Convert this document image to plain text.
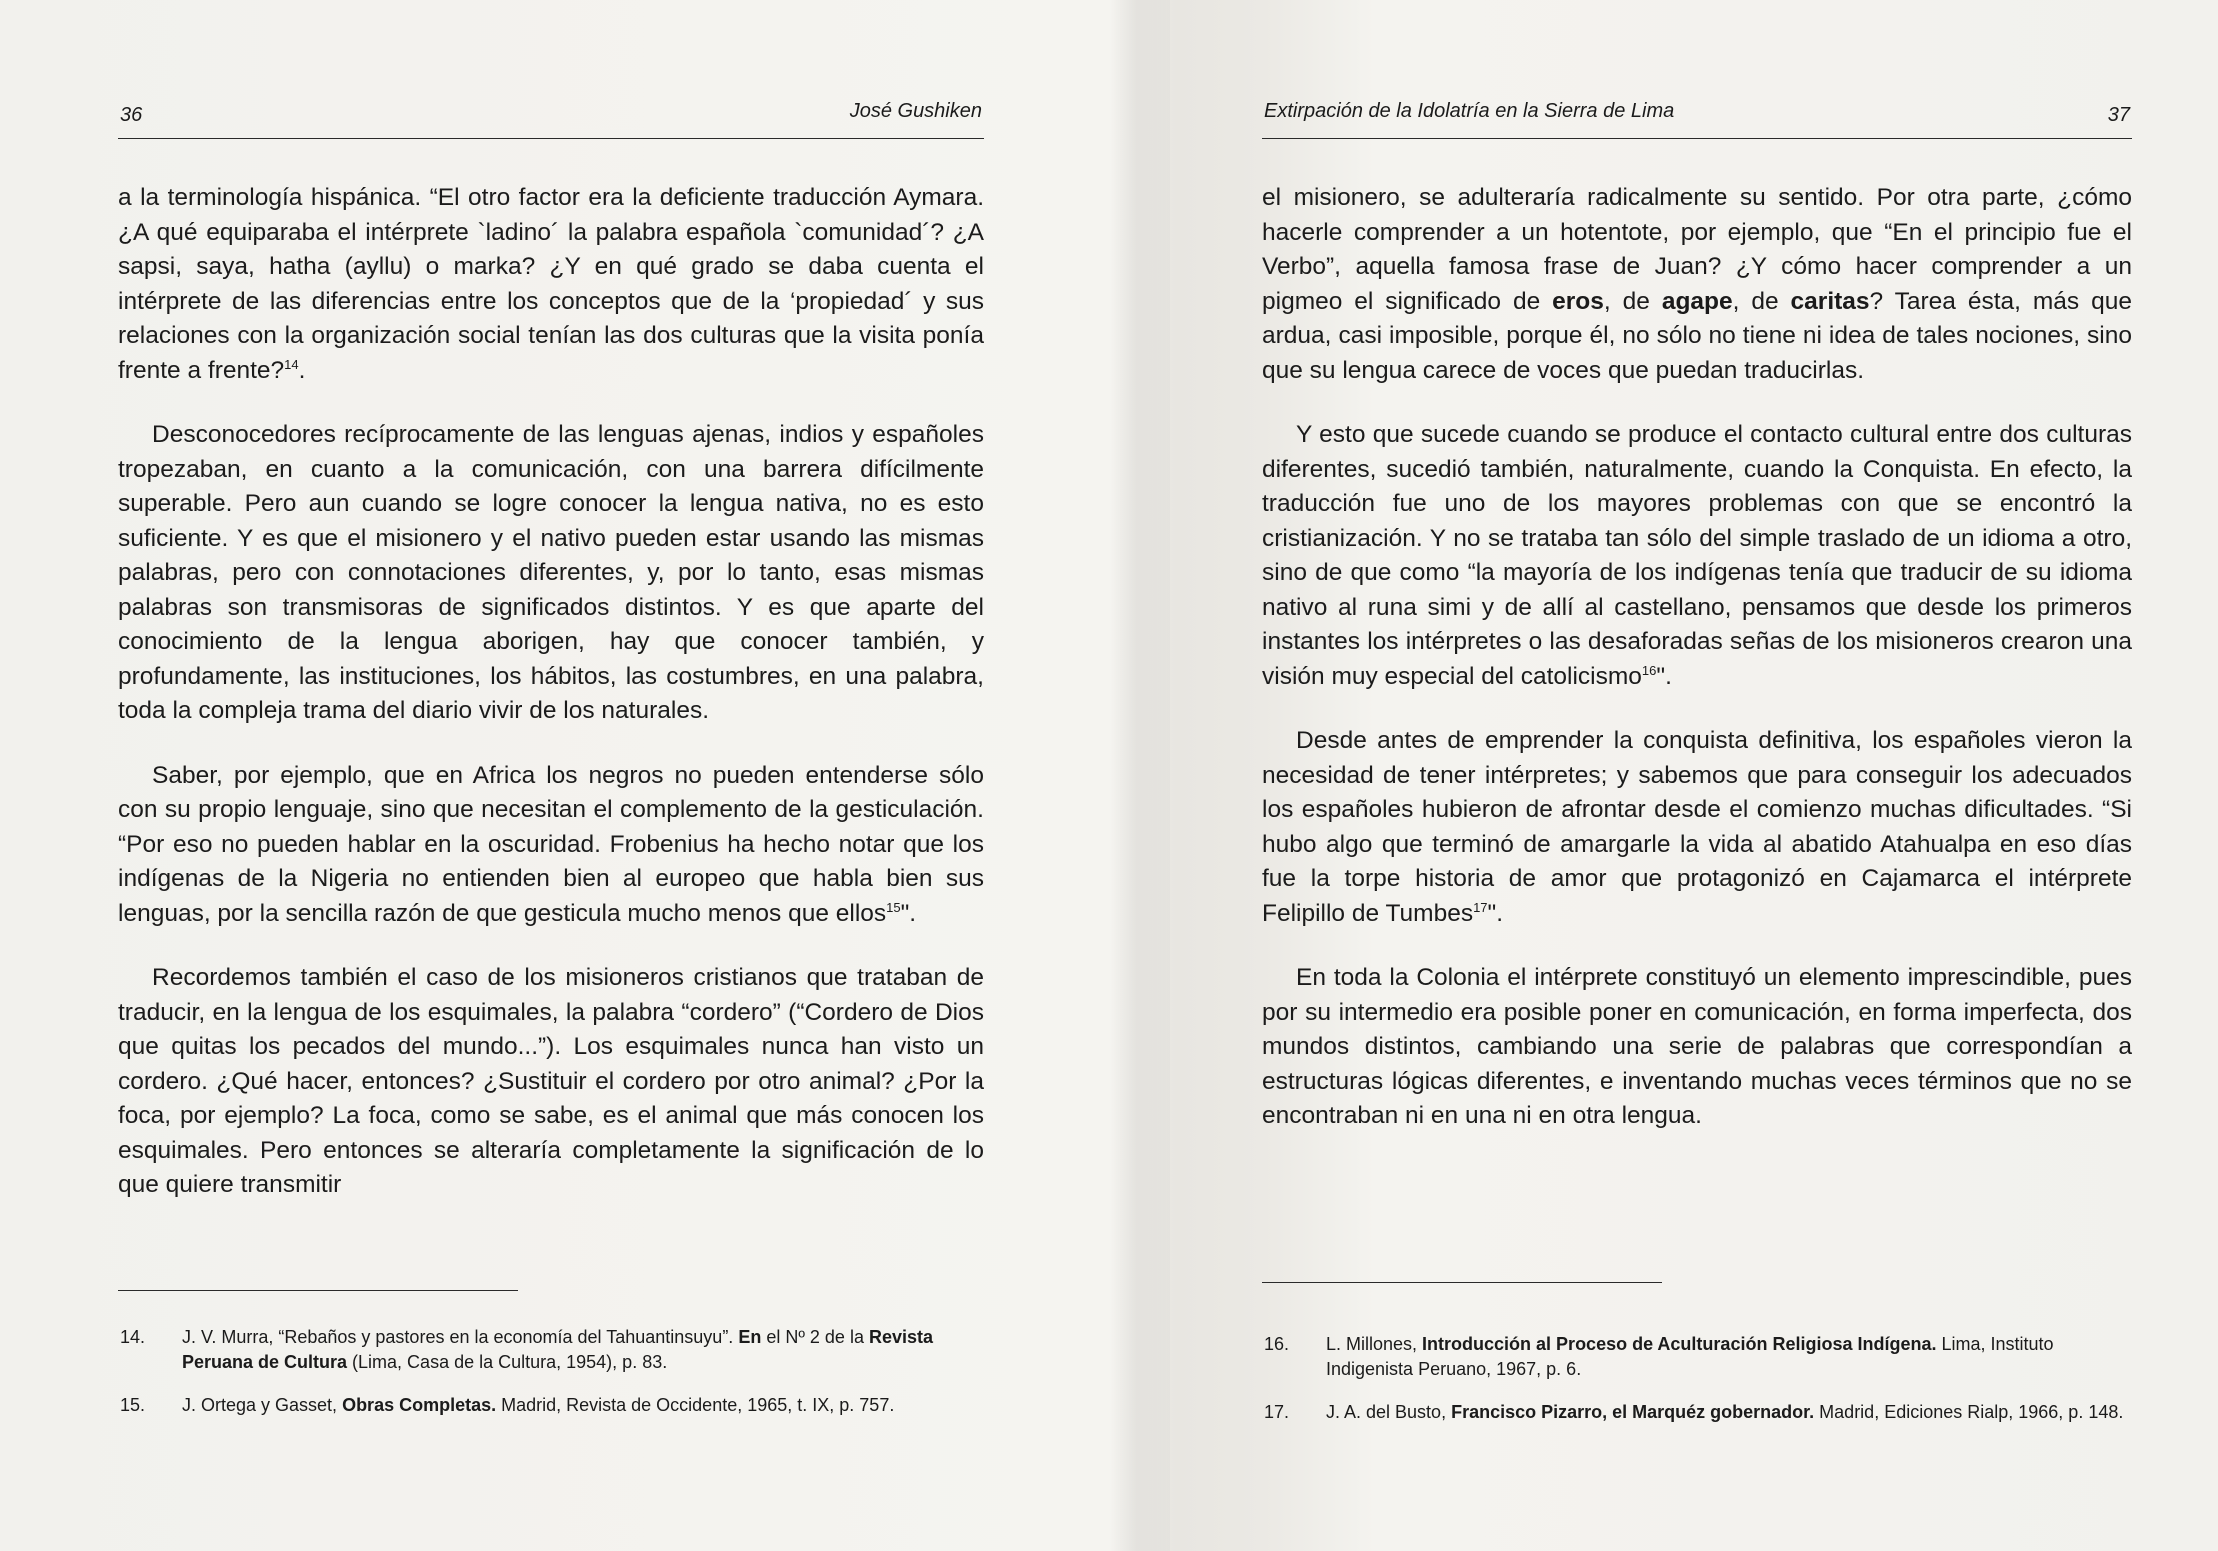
36	José Gushiken

a la terminología hispánica. “El otro factor era la deficiente traducción Aymara. ¿A qué equiparaba el intérprete `ladino´ la palabra española `comunidad´? ¿A sapsi, saya, hatha (ayllu) o marka? ¿Y en qué grado se daba cuenta el intérprete de las diferencias entre los conceptos que de la ‘propiedad´ y sus relaciones con la organización social tenían las dos culturas que la visita ponía frente a frente?$^{14}$.

Desconocedores recíprocamente de las lenguas ajenas, indios y españoles tropezaban, en cuanto a la comunicación, con una barrera difícilmente superable. Pero aun cuando se logre conocer la lengua nativa, no es esto suficiente. Y es que el misionero y el nativo pueden estar usando las mismas palabras, pero con connotaciones diferentes, y, por lo tanto, esas mismas palabras son transmisoras de significados distintos. Y es que aparte del conocimiento de la lengua aborigen, hay que conocer también, y profundamente, las instituciones, los hábitos, las costumbres, en una palabra, toda la compleja trama del diario vivir de los naturales.

Saber, por ejemplo, que en Africa los negros no pueden entenderse sólo con su propio lenguaje, sino que necesitan el complemento de la gesticulación. “Por eso no pueden hablar en la oscuridad. Frobenius ha hecho notar que los indígenas de la Nigeria no entienden bien al europeo que habla bien sus lenguas, por la sencilla razón de que gesticula mucho menos que ellos$^{15}$".

Recordemos también el caso de los misioneros cristianos que trataban de traducir, en la lengua de los esquimales, la palabra “cordero” (“Cordero de Dios que quitas los pecados del mundo...”). Los esquimales nunca han visto un cordero. ¿Qué hacer, entonces? ¿Sustituir el cordero por otro animal? ¿Por la foca, por ejemplo? La foca, como se sabe, es el animal que más conocen los esquimales. Pero entonces se alteraría completamente la significación de lo que quiere transmitir

14. J. V. Murra, “Rebaños y pastores en la economía del Tahuantinsuyu”. En el Nº 2 de la Revista Peruana de Cultura (Lima, Casa de la Cultura, 1954), p. 83.
15. J. Ortega y Gasset, Obras Completas. Madrid, Revista de Occidente, 1965, t. IX, p. 757.
Extirpación de la Idolatría en la Sierra de Lima	37

el misionero, se adulteraría radicalmente su sentido. Por otra parte, ¿cómo hacerle comprender a un hotentote, por ejemplo, que “En el principio fue el Verbo”, aquella famosa frase de Juan? ¿Y cómo hacer comprender a un pigmeo el significado de eros, de agape, de caritas? Tarea ésta, más que ardua, casi imposible, porque él, no sólo no tiene ni idea de tales nociones, sino que su lengua carece de voces que puedan traducirlas.

Y esto que sucede cuando se produce el contacto cultural entre dos culturas diferentes, sucedió también, naturalmente, cuando la Conquista. En efecto, la traducción fue uno de los mayores problemas con que se encontró la cristianización. Y no se trataba tan sólo del simple traslado de un idioma a otro, sino de que como “la mayoría de los indígenas tenía que traducir de su idioma nativo al runa simi y de allí al castellano, pensamos que desde los primeros instantes los intérpretes o las desaforadas señas de los misioneros crearon una visión muy especial del catolicismo$^{16}$".

Desde antes de emprender la conquista definitiva, los españoles vieron la necesidad de tener intérpretes; y sabemos que para conseguir los adecuados los españoles hubieron de afrontar desde el comienzo muchas dificultades. “Si hubo algo que terminó de amargarle la vida al abatido Atahualpa en eso días fue la torpe historia de amor que protagonizó en Cajamarca el intérprete Felipillo de Tumbes$^{17}$".

En toda la Colonia el intérprete constituyó un elemento imprescindible, pues por su intermedio era posible poner en comunicación, en forma imperfecta, dos mundos distintos, cambiando una serie de palabras que correspondían a estructuras lógicas diferentes, e inventando muchas veces términos que no se encontraban ni en una ni en otra lengua.

16. L. Millones, Introducción al Proceso de Aculturación Religiosa Indígena. Lima, Instituto Indigenista Peruano, 1967, p. 6.
17. J. A. del Busto, Francisco Pizarro, el Marquéz gobernador. Madrid, Ediciones Rialp, 1966, p. 148.
